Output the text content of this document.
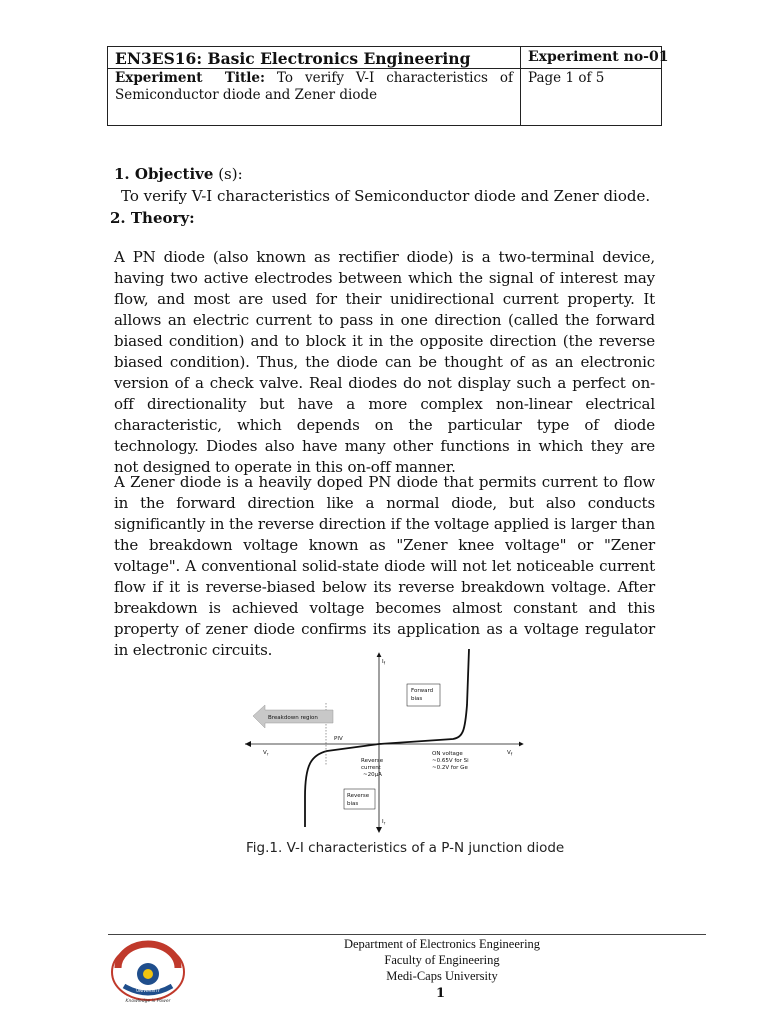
EN3ES16: Basic Electronics Engineering	Experiment no-01
Experiment Title: To verify V-I characteristics of Semiconductor diode and Zener diode
Page 1 of 5
1. Objective (s):
To verify V-I characteristics of Semiconductor diode and Zener diode.
2. Theory:
A PN diode (also known as rectifier diode) is a two-terminal device, having two active electrodes between which the signal of interest may flow, and most are used for their unidirectional current property. It allows an electric current to pass in one direction (called the forward biased condition) and to block it in the opposite direction (the reverse biased condition). Thus, the diode can be thought of as an electronic version of a check valve. Real diodes do not display such a perfect on-off directionality but have a more complex non-linear electrical characteristic, which depends on the particular type of diode technology. Diodes also have many other functions in which they are not designed to operate in this on-off manner.
A Zener diode is a heavily doped PN diode that permits current to flow in the forward direction like a normal diode, but also conducts significantly in the reverse direction if the voltage applied is larger than the breakdown voltage known as "Zener knee voltage" or "Zener voltage". A conventional solid-state diode will not let noticeable current flow if it is reverse-biased below its reverse breakdown voltage. After breakdown is achieved voltage becomes almost constant and this property of zener diode confirms its application as a voltage regulator in electronic circuits.
Breakdown region
Forward
bias
Reverse
bias
PIV
Reverse
current
~20µA
ON voltage
~0.65V for Si
~0.2V for Ge
$I_f$
$I_r$
$V_f$
$V_r$
Fig.1. V-I characteristics of a P-N junction diode
MEDI-CAPS
UNIVERSITY
Knowledge is Power
Department of Electronics Engineering
Faculty of Engineering
Medi-Caps University
1
